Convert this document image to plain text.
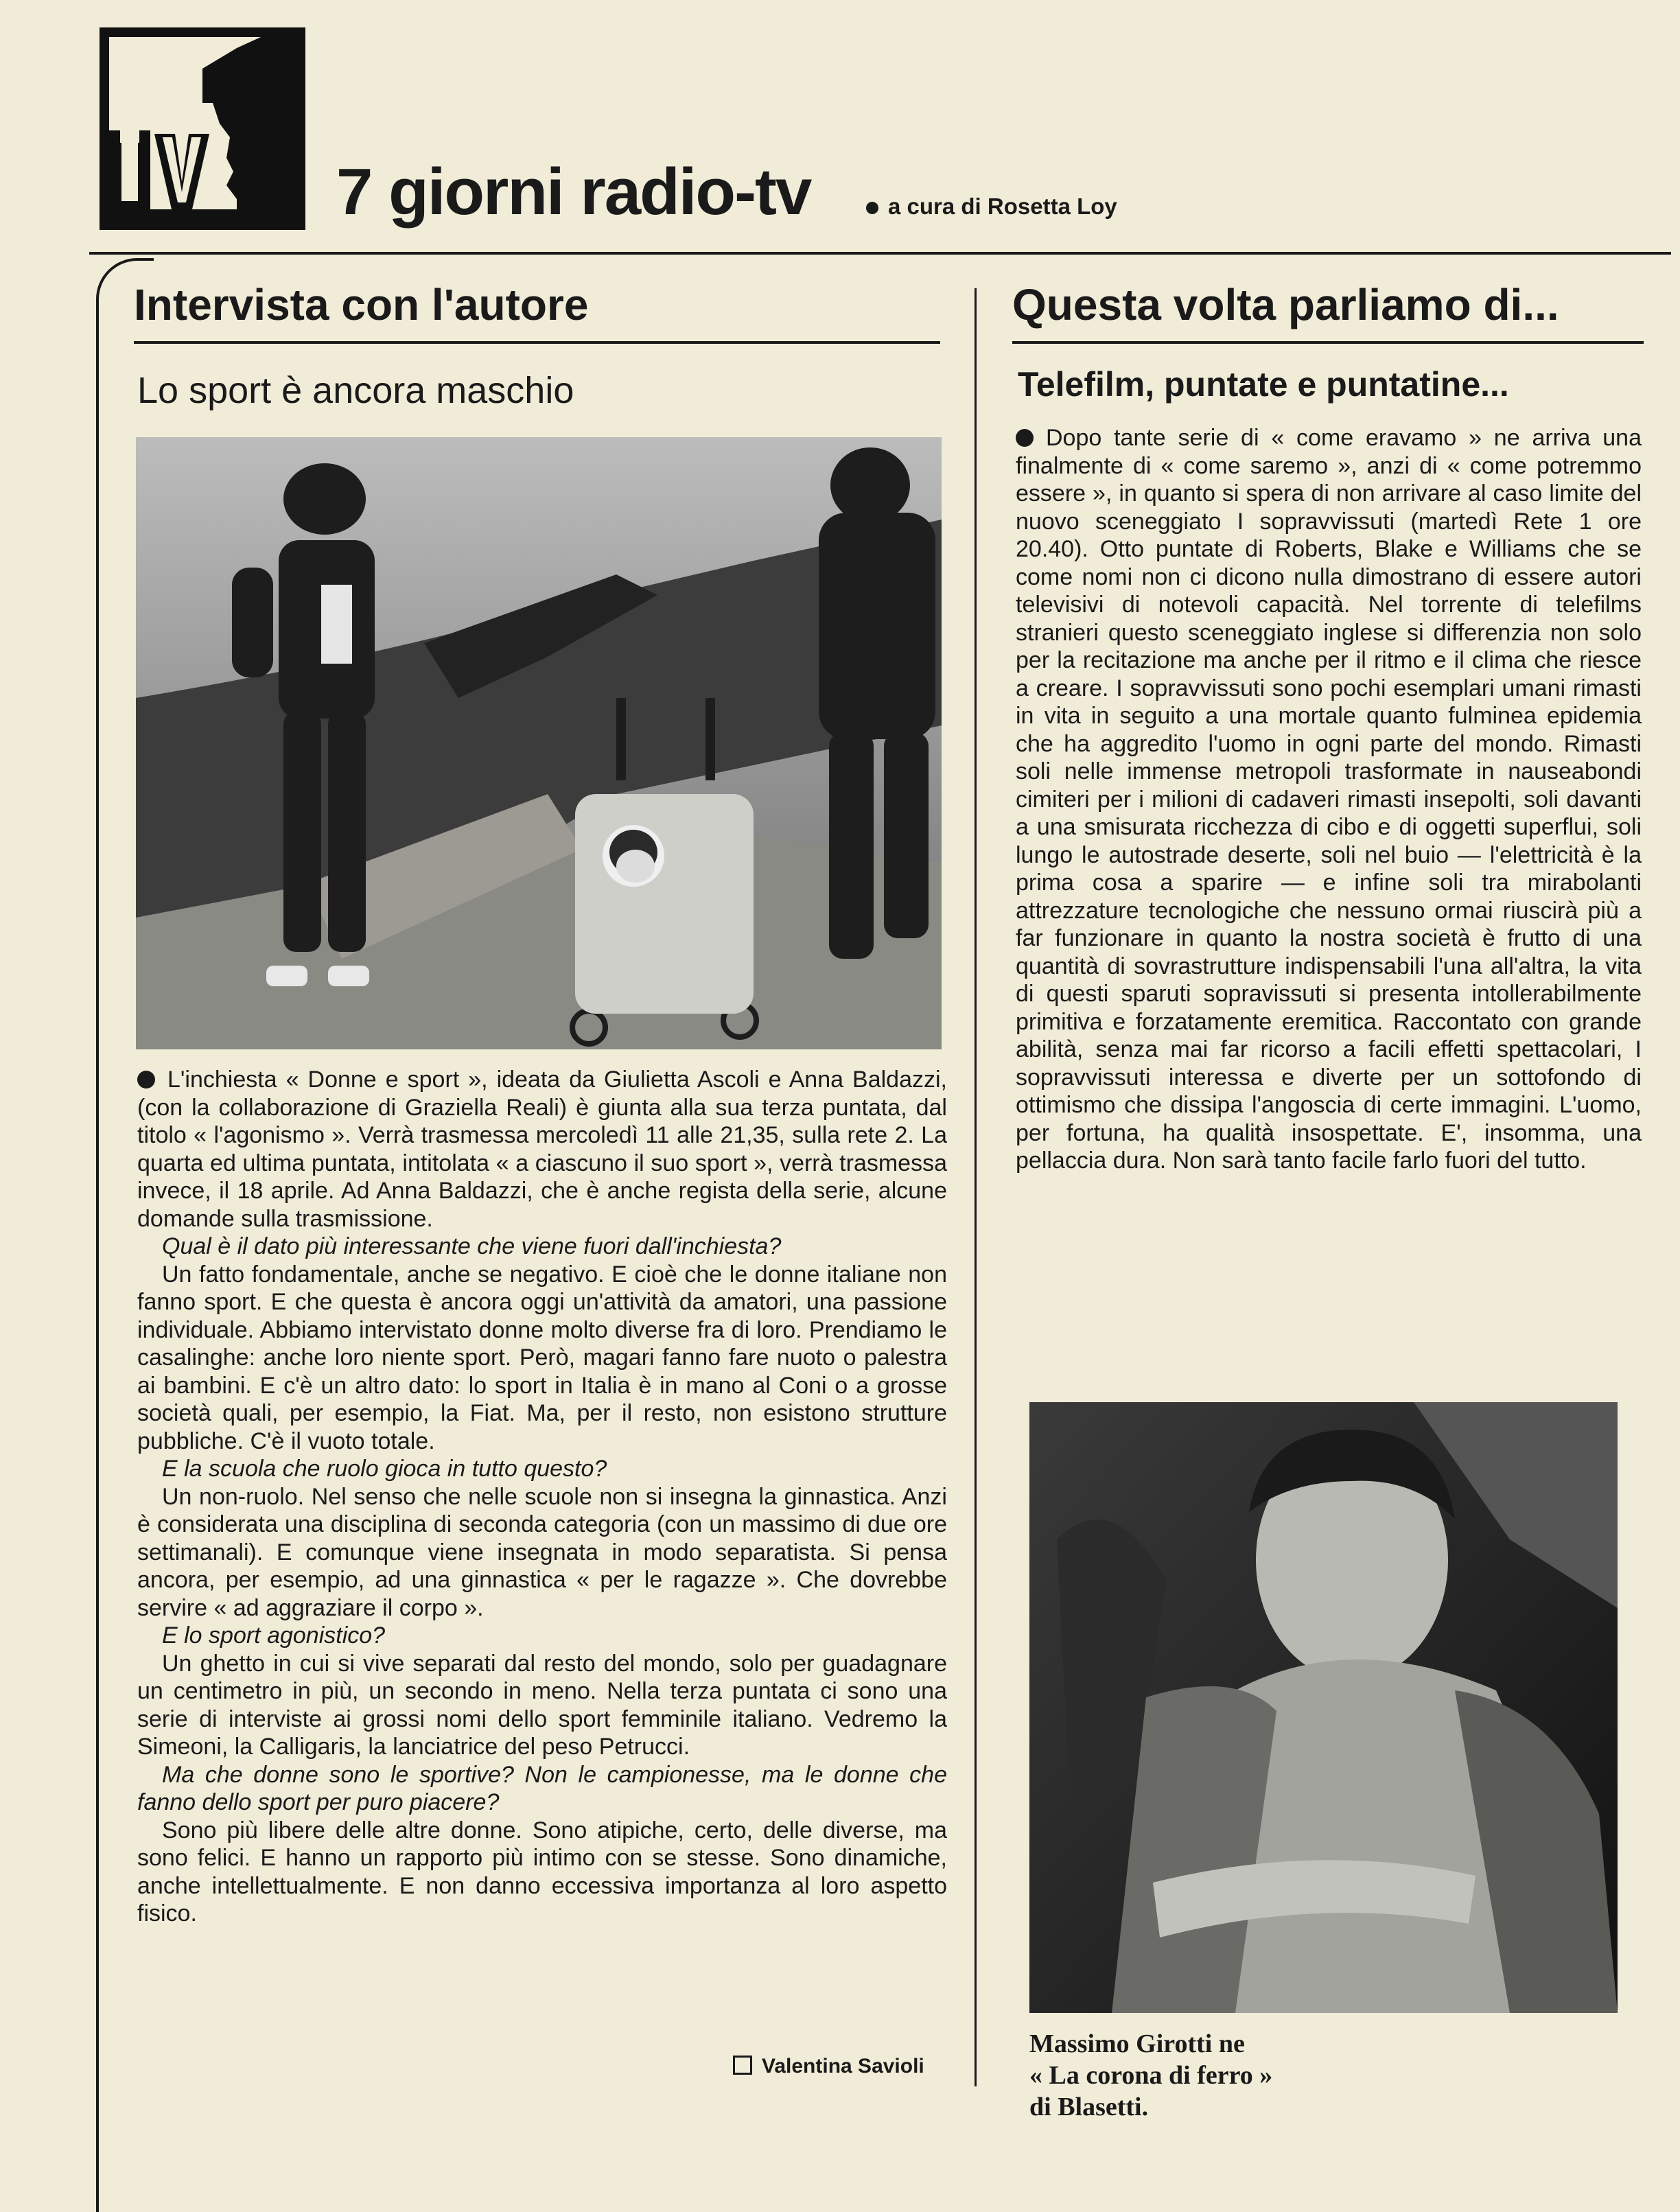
7 giorni radio-tv	a cura di Rosetta Loy
Intervista con l'autore
Lo sport è ancora maschio

L'inchiesta « Donne e sport », ideata da Giulietta Ascoli e Anna Baldazzi, (con la collaborazione di Graziella Reali) è giunta alla sua terza puntata, dal titolo « l'agonismo ». Verrà trasmessa mercoledì 11 alle 21,35, sulla rete 2. La quarta ed ultima puntata, intitolata « a ciascuno il suo sport », verrà trasmessa invece, il 18 aprile. Ad Anna Baldazzi, che è anche regista della serie, alcune domande sulla trasmissione.

Qual è il dato più interessante che viene fuori dall'inchiesta?

Un fatto fondamentale, anche se negativo. E cioè che le donne italiane non fanno sport. E che questa è ancora oggi un'attività da amatori, una passione individuale. Abbiamo intervistato donne molto diverse fra di loro. Prendiamo le casalinghe: anche loro niente sport. Però, magari fanno fare nuoto o palestra ai bambini. E c'è un altro dato: lo sport in Italia è in mano al Coni o a grosse società quali, per esempio, la Fiat. Ma, per il resto, non esistono strutture pubbliche. C'è il vuoto totale.

E la scuola che ruolo gioca in tutto questo?

Un non-ruolo. Nel senso che nelle scuole non si insegna la ginnastica. Anzi è considerata una disciplina di seconda categoria (con un massimo di due ore settimanali). E comunque viene insegnata in modo separatista. Si pensa ancora, per esempio, ad una ginnastica « per le ragazze ». Che dovrebbe servire « ad aggraziare il corpo ».

E lo sport agonistico?

Un ghetto in cui si vive separati dal resto del mondo, solo per guadagnare un centimetro in più, un secondo in meno. Nella terza puntata ci sono una serie di interviste ai grossi nomi dello sport femminile italiano. Vedremo la Simeoni, la Calligaris, la lanciatrice del peso Petrucci.

Ma che donne sono le sportive? Non le campionesse, ma le donne che fanno dello sport per puro piacere?

Sono più libere delle altre donne. Sono atipiche, certo, delle diverse, ma sono felici. E hanno un rapporto più intimo con se stesse. Sono dinamiche, anche intellettualmente. E non danno eccessiva importanza al loro aspetto fisico.

Valentina Savioli
Questa volta parliamo di...
Telefilm, puntate e puntatine...

Dopo tante serie di « come eravamo » ne arriva una finalmente di « come saremo », anzi di « come potremmo essere », in quanto si spera di non arrivare al caso limite del nuovo sceneggiato I sopravvissuti (martedì Rete 1 ore 20.40). Otto puntate di Roberts, Blake e Williams che se come nomi non ci dicono nulla dimostrano di essere autori televisivi di notevoli capacità. Nel torrente di telefilms stranieri questo sceneggiato inglese si differenzia non solo per la recitazione ma anche per il ritmo e il clima che riesce a creare. I sopravvissuti sono pochi esemplari umani rimasti in vita in seguito a una mortale quanto fulminea epidemia che ha aggredito l'uomo in ogni parte del mondo. Rimasti soli nelle immense metropoli trasformate in nauseabondi cimiteri per i milioni di cadaveri rimasti insepolti, soli davanti a una smisurata ricchezza di cibo e di oggetti superflui, soli lungo le autostrade deserte, soli nel buio — l'elettricità è la prima cosa a sparire — e infine soli tra mirabolanti attrezzature tecnologiche che nessuno ormai riuscirà più a far funzionare in quanto la nostra società è frutto di una quantità di sovrastrutture indispensabili l'una all'altra, la vita di questi sparuti sopravissuti si presenta intollerabilmente primitiva e forzatamente eremitica. Raccontato con grande abilità, senza mai far ricorso a facili effetti spettacolari, I sopravvissuti interessa e diverte per un sottofondo di ottimismo che dissipa l'angoscia di certe immagini. L'uomo, per fortuna, ha qualità insospettate. E', insomma, una pellaccia dura. Non sarà tanto facile farlo fuori del tutto.

Massimo Girotti ne
« La corona di ferro »
di Blasetti.
